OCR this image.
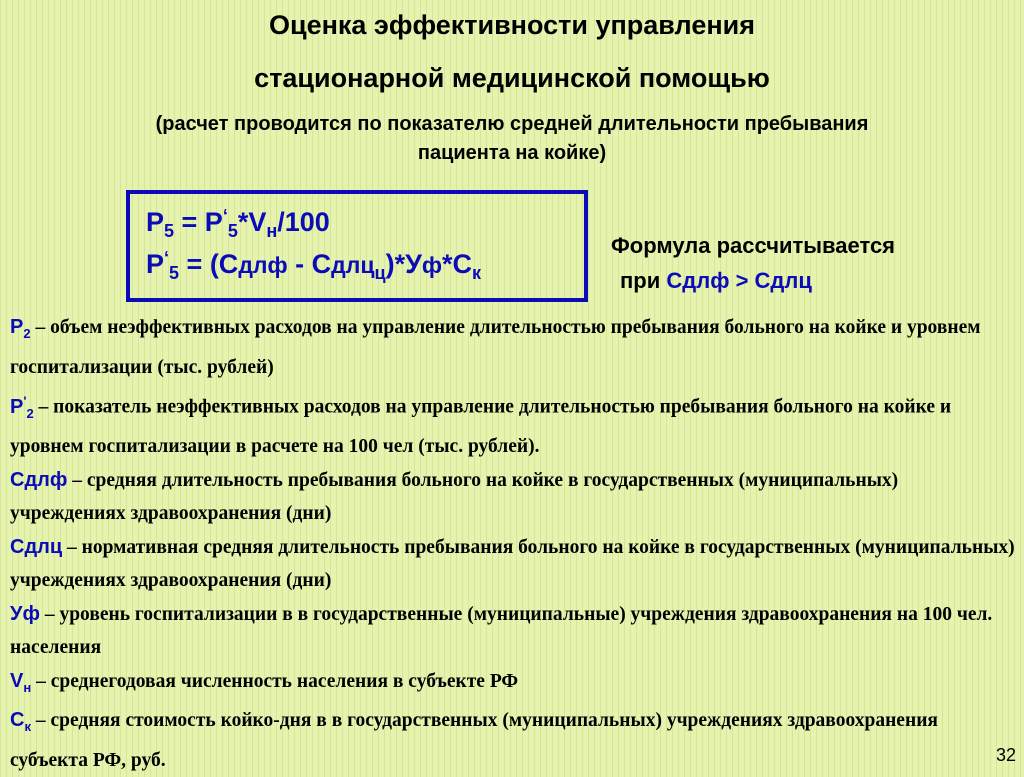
Оценка эффективности управления
стационарной медицинской помощью
(расчет проводится по показателю средней длительности пребывания
пациента на койке)
$Р_5 = Р^‘_5*V_н/100$
$Р^‘_5$ = (Сдлф - $Сдлц_ц)*Уф*С_к$
Формула рассчитывается
при Сдлф > Сдлц

$Р_2$ – объем неэффективных расходов на управление длительностью пребывания больного на койке и уровнем госпитализации (тыс. рублей)

$Р'_2$ – показатель неэффективных расходов на управление длительностью пребывания больного на койке и уровнем госпитализации в расчете на 100 чел (тыс. рублей).

Сдлф – средняя длительность пребывания больного на койке в государственных (муниципальных) учреждениях здравоохранения (дни)

Сдлц – нормативная средняя длительность пребывания больного на койке в государственных (муниципальных) учреждениях здравоохранения (дни)

Уф – уровень госпитализации в в государственные (муниципальные) учреждения здравоохранения на 100 чел. населения

$V_н$ – среднегодовая численность населения в субъекте РФ

$С_к$ – средняя стоимость койко-дня в в государственных (муниципальных) учреждениях здравоохранения субъекта РФ, руб.	32
